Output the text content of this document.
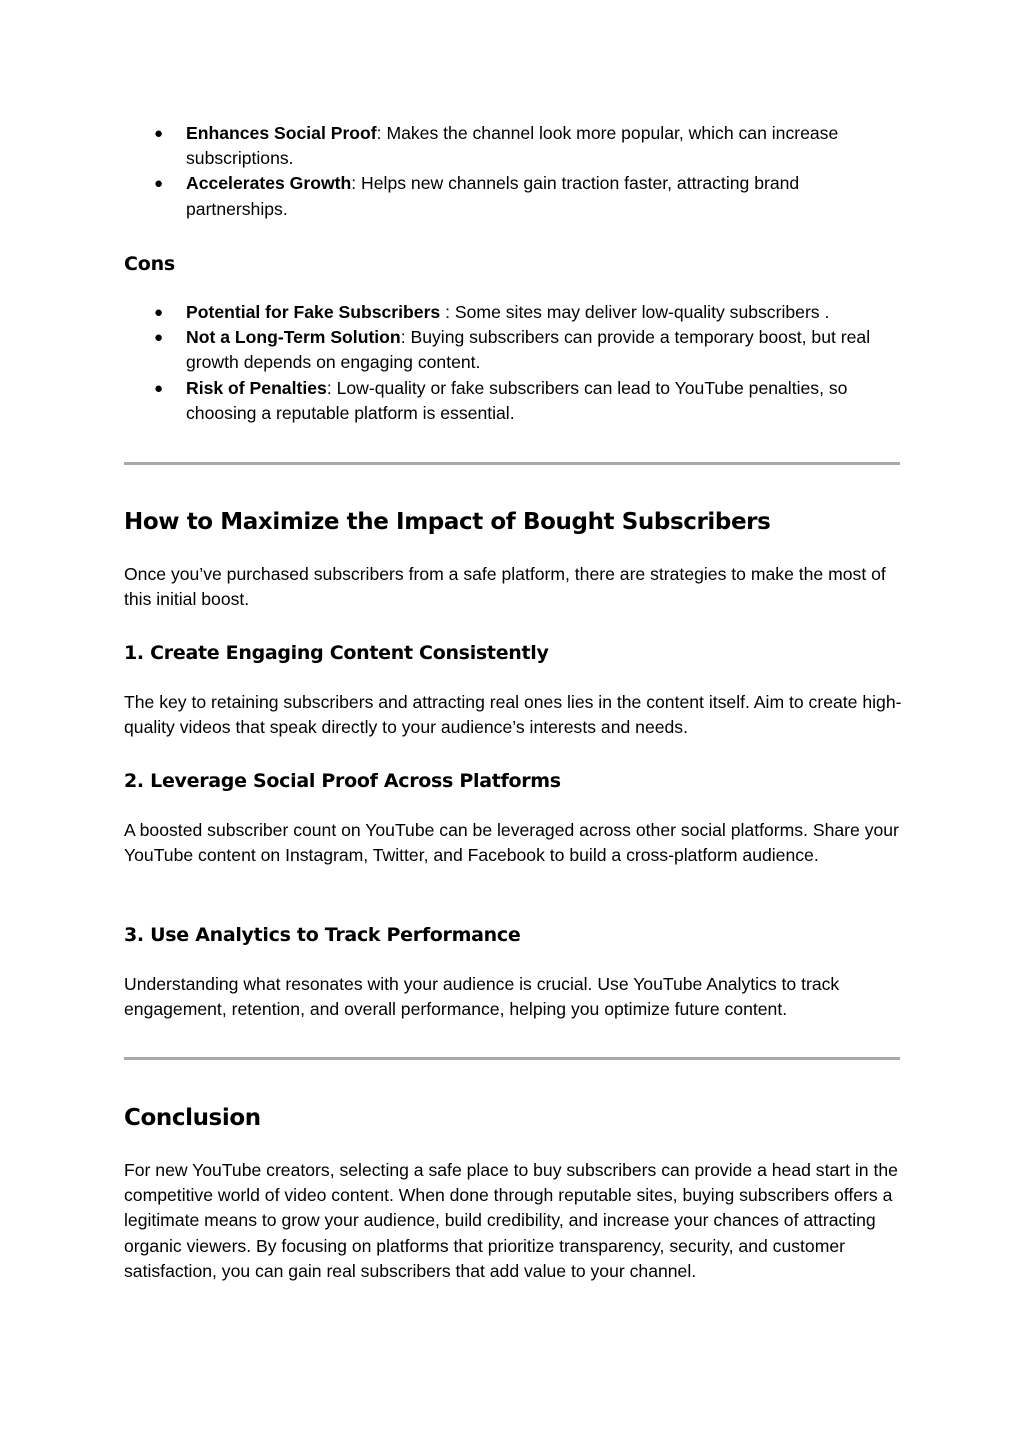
● Enhances Social Proof: Makes the channel look more popular, which can increase subscriptions.
● Accelerates Growth: Helps new channels gain traction faster, attracting brand partnerships.
Cons
● Potential for Fake Subscribers : Some sites may deliver low-quality subscribers .
● Not a Long-Term Solution: Buying subscribers can provide a temporary boost, but real growth depends on engaging content.
● Risk of Penalties: Low-quality or fake subscribers can lead to YouTube penalties, so choosing a reputable platform is essential.
How to Maximize the Impact of Bought Subscribers

Once you’ve purchased subscribers from a safe platform, there are strategies to make the most of this initial boost.

1. Create Engaging Content Consistently

The key to retaining subscribers and attracting real ones lies in the content itself. Aim to create high-quality videos that speak directly to your audience’s interests and needs.

2. Leverage Social Proof Across Platforms

A boosted subscriber count on YouTube can be leveraged across other social platforms. Share your YouTube content on Instagram, Twitter, and Facebook to build a cross-platform audience.

3. Use Analytics to Track Performance

Understanding what resonates with your audience is crucial. Use YouTube Analytics to track engagement, retention, and overall performance, helping you optimize future content.

Conclusion

For new YouTube creators, selecting a safe place to buy subscribers can provide a head start in the competitive world of video content. When done through reputable sites, buying subscribers offers a legitimate means to grow your audience, build credibility, and increase your chances of attracting organic viewers. By focusing on platforms that prioritize transparency, security, and customer satisfaction, you can gain real subscribers that add value to your channel.
